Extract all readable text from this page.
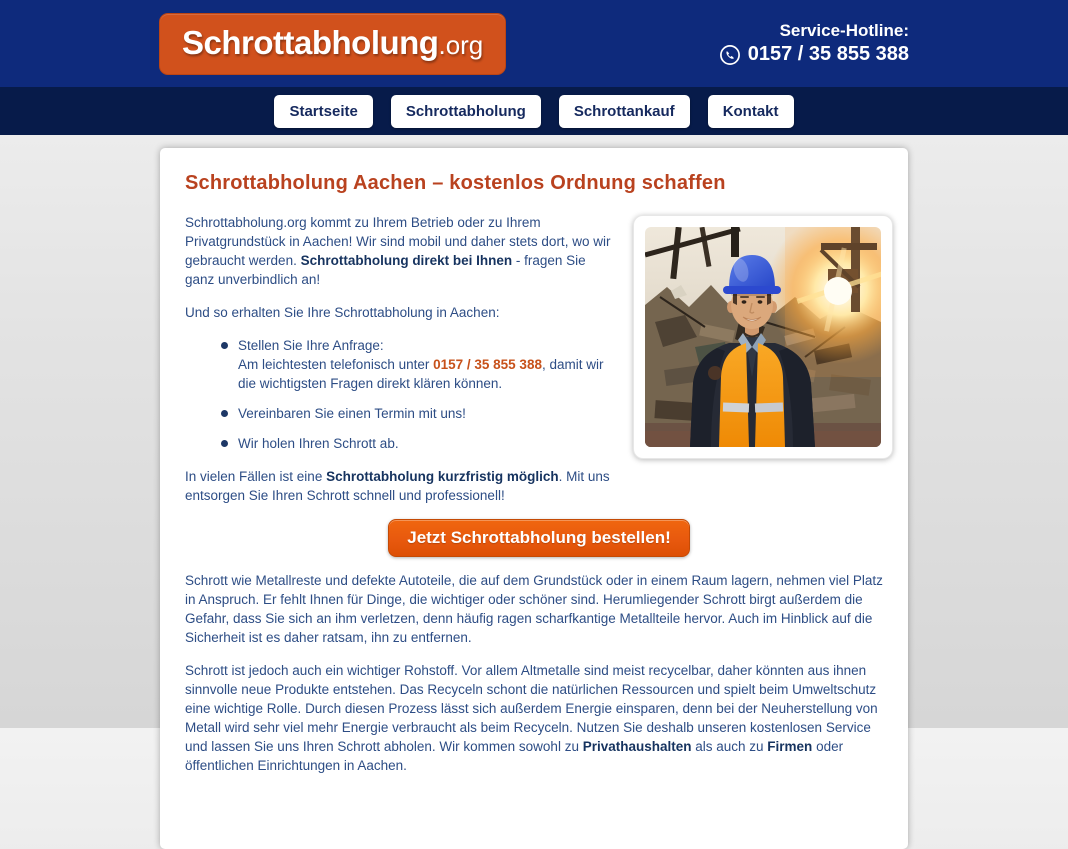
Schrottabholung.org	Service-Hotline:
0157 / 35 855 388
Startseite	Schrottabholung	Schrottankauf	Kontakt
Schrottabholung Aachen – kostenlos Ordnung schaffen

Schrottabholung.org kommt zu Ihrem Betrieb oder zu Ihrem Privatgrundstück in Aachen! Wir sind mobil und daher stets dort, wo wir gebraucht werden. Schrottabholung direkt bei Ihnen - fragen Sie ganz unverbindlich an!

Und so erhalten Sie Ihre Schrottabholung in Aachen:

Stellen Sie Ihre Anfrage:
Am leichtesten telefonisch unter 0157 / 35 855 388, damit wir die wichtigsten Fragen direkt klären können.
Vereinbaren Sie einen Termin mit uns!
Wir holen Ihren Schrott ab.

In vielen Fällen ist eine Schrottabholung kurzfristig möglich. Mit uns entsorgen Sie Ihren Schrott schnell und professionell!

Jetzt Schrottabholung bestellen!

Schrott wie Metallreste und defekte Autoteile, die auf dem Grundstück oder in einem Raum lagern, nehmen viel Platz in Anspruch. Er fehlt Ihnen für Dinge, die wichtiger oder schöner sind. Herumliegender Schrott birgt außerdem die Gefahr, dass Sie sich an ihm verletzen, denn häufig ragen scharfkantige Metallteile hervor. Auch im Hinblick auf die Sicherheit ist es daher ratsam, ihn zu entfernen.

Schrott ist jedoch auch ein wichtiger Rohstoff. Vor allem Altmetalle sind meist recycelbar, daher könnten aus ihnen sinnvolle neue Produkte entstehen. Das Recyceln schont die natürlichen Ressourcen und spielt beim Umweltschutz eine wichtige Rolle. Durch diesen Prozess lässt sich außerdem Energie einsparen, denn bei der Neuherstellung von Metall wird sehr viel mehr Energie verbraucht als beim Recyceln. Nutzen Sie deshalb unseren kostenlosen Service und lassen Sie uns Ihren Schrott abholen. Wir kommen sowohl zu Privathaushalten als auch zu Firmen oder öffentlichen Einrichtungen in Aachen.
